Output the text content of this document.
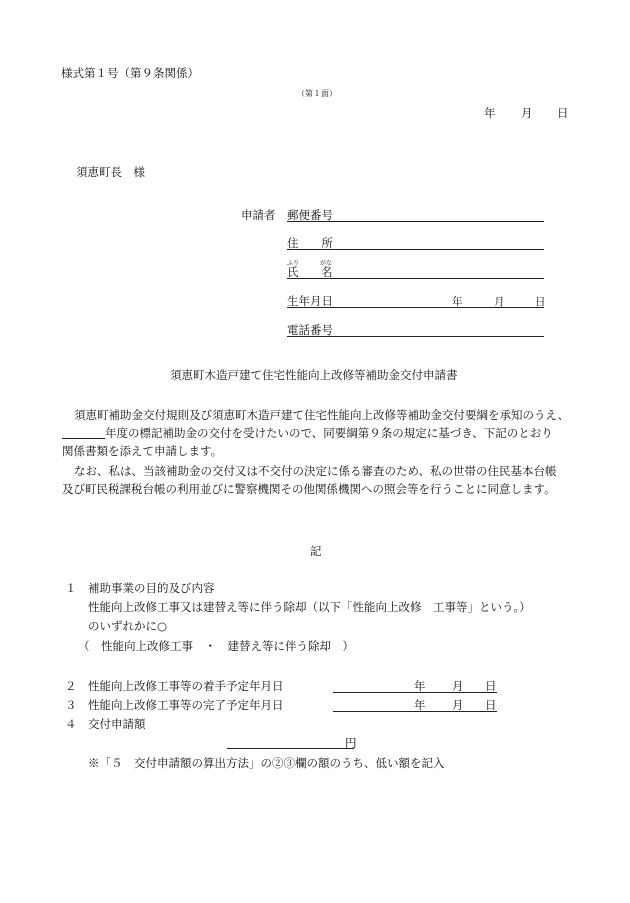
様式第１号（第９条関係）
（第１面）
年 月 日
須恵町長　様
申請者 郵便番号
住　　所
ふり	がな
氏 名
生年月日	年	月	日
電話番号
須恵町木造戸建て住宅性能向上改修等補助金交付申請書
須恵町補助金交付規則及び須恵町木造戸建て住宅性能向上改修等補助金交付要綱を承知のうえ、
年度の標記補助金の交付を受けたいので、同要綱第９条の規定に基づき、下記のとおり
関係書類を添えて申請します。
なお、私は、当該補助金の交付又は不交付の決定に係る審査のため、私の世帯の住民基本台帳
及び町民税課税台帳の利用並びに警察機関その他関係機関への照会等を行うことに同意します。
記
１ 補助事業の目的及び内容
性能向上改修工事又は建替え等に伴う除却（以下「性能向上改修　工事等」という。）
のいずれかに○
（　性能向上改修工事　・　建替え等に伴う除却　）
２ 性能向上改修工事等の着手予定年月日	年 月 日
３ 性能向上改修工事等の完了予定年月日	年 月 日
４ 交付申請額
円
※「５　交付申請額の算出方法」の②③欄の額のうち、低い額を記入
